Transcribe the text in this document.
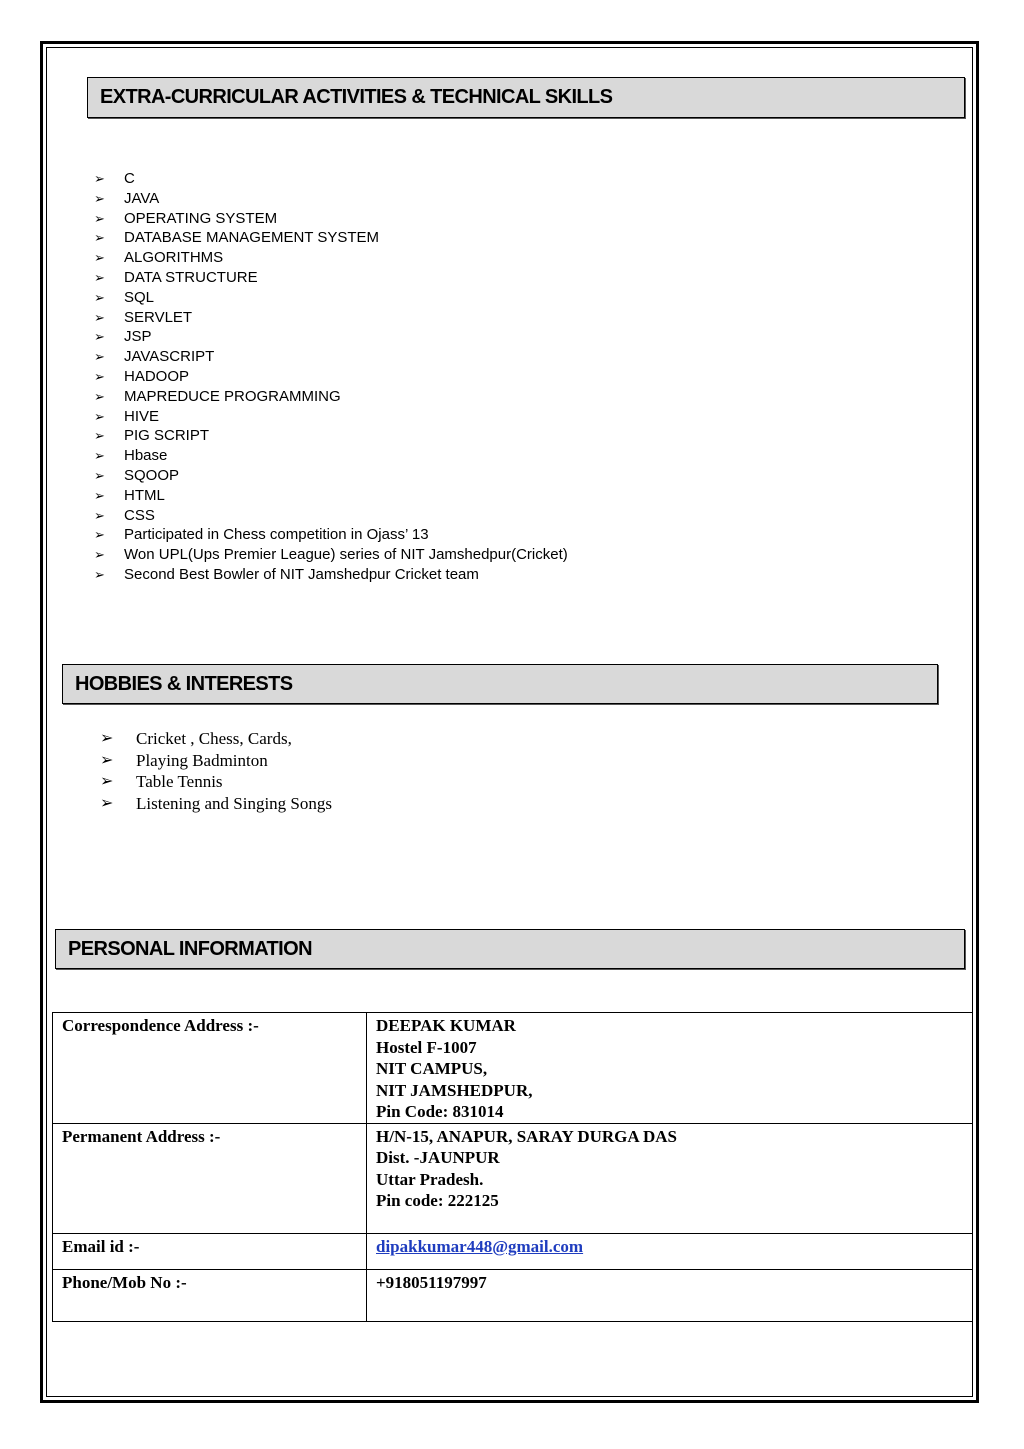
EXTRA-CURRICULAR ACTIVITIES & TECHNICAL SKILLS
➢	C
➢	JAVA
➢	OPERATING SYSTEM
➢	DATABASE MANAGEMENT SYSTEM
➢	ALGORITHMS
➢	DATA STRUCTURE
➢	SQL
➢	SERVLET
➢	JSP
➢	JAVASCRIPT
➢	HADOOP
➢	MAPREDUCE PROGRAMMING
➢	HIVE
➢	PIG SCRIPT
➢	Hbase
➢	SQOOP
➢	HTML
➢	CSS
➢	Participated in Chess competition in Ojass’ 13
➢	Won UPL(Ups Premier League) series of NIT Jamshedpur(Cricket)
➢	Second Best Bowler of NIT Jamshedpur Cricket team
HOBBIES & INTERESTS
➢	Cricket , Chess, Cards,
➢	Playing Badminton
➢	Table Tennis
➢	Listening and Singing Songs
PERSONAL INFORMATION
Correspondence Address :-	DEEPAK KUMAR
Hostel F-1007
NIT CAMPUS,
NIT JAMSHEDPUR,
Pin Code: 831014

Permanent Address :-	H/N-15, ANAPUR, SARAY DURGA DAS
Dist. -JAUNPUR
Uttar Pradesh.
Pin code: 222125

Email id :-	dipakkumar448@gmail.com
Phone/Mob No :-	+918051197997
